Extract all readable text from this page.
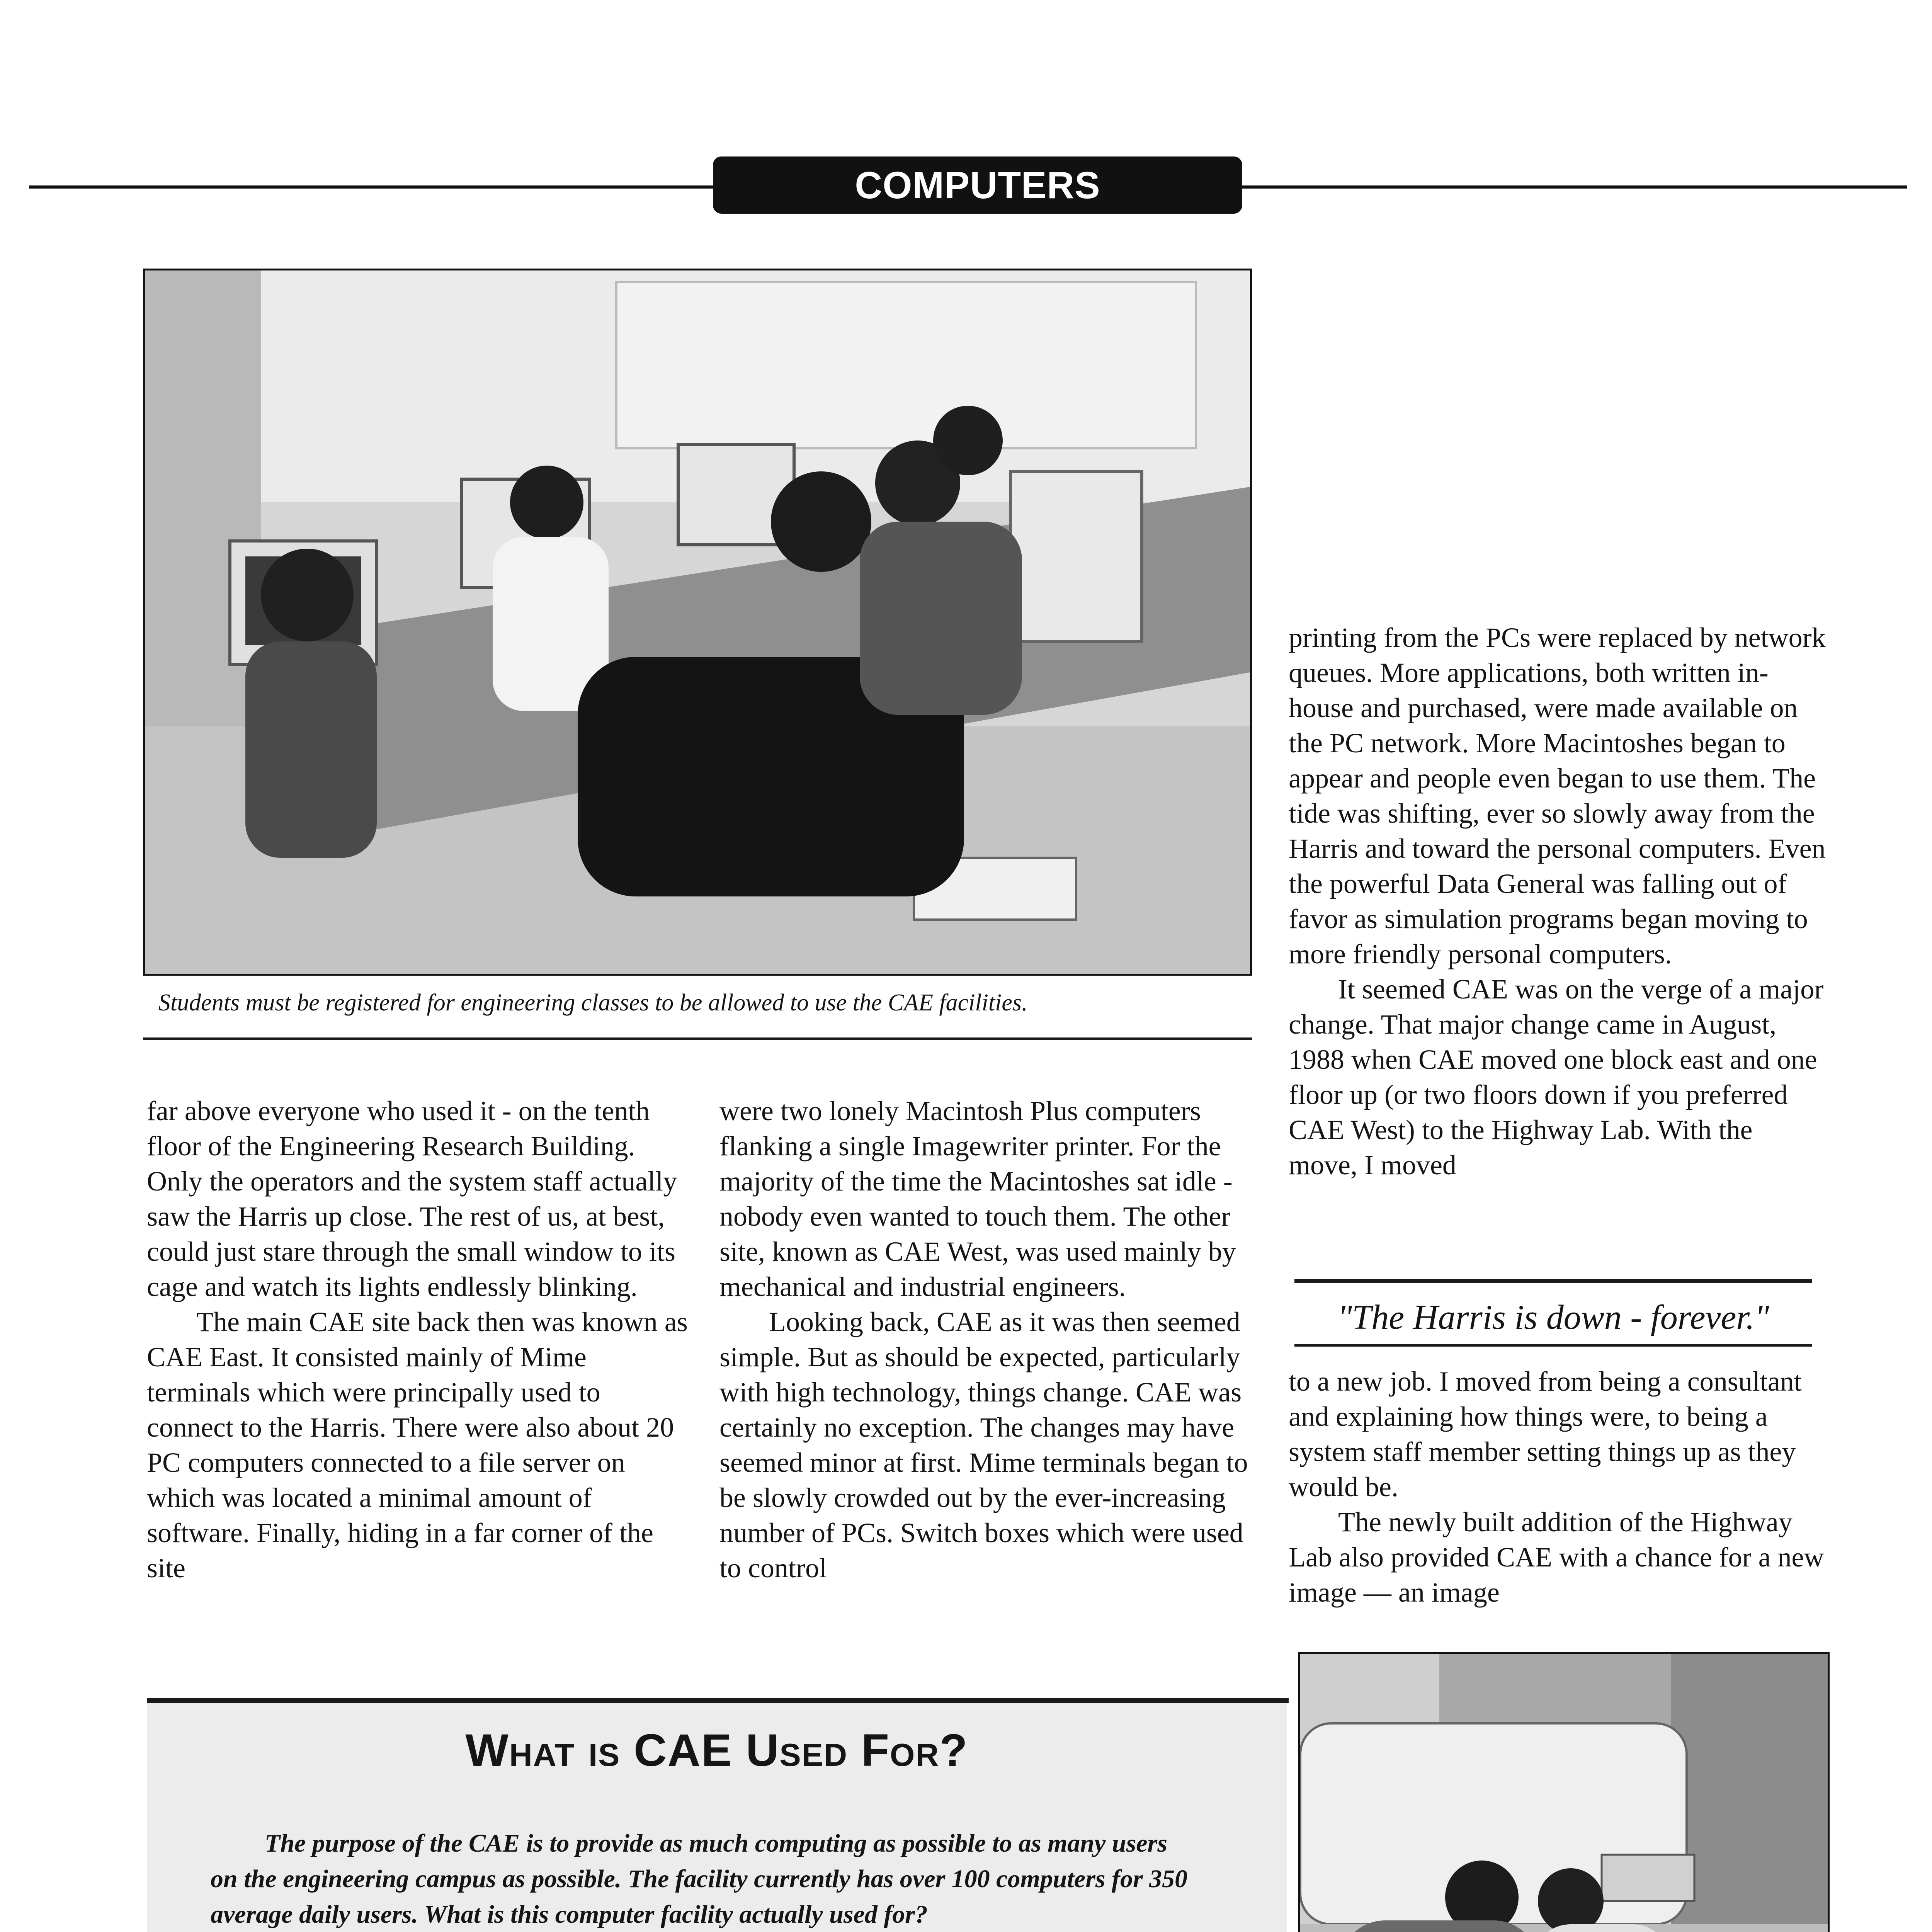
COMPUTERS
Students must be registered for engineering classes to be allowed to use the CAE facilities.

far above everyone who used it - on the tenth floor of the Engineering Research Building. Only the operators and the system staff actually saw the Harris up close. The rest of us, at best, could just stare through the small window to its cage and watch its lights endlessly blinking.

The main CAE site back then was known as CAE East. It consisted mainly of Mime terminals which were principally used to connect to the Harris. There were also about 20 PC computers connected to a file server on which was located a minimal amount of software. Finally, hiding in a far corner of the site

were two lonely Macintosh Plus computers flanking a single Imagewriter printer. For the majority of the time the Macintoshes sat idle - nobody even wanted to touch them. The other site, known as CAE West, was used mainly by mechanical and industrial engineers.

Looking back, CAE as it was then seemed simple. But as should be expected, particularly with high technology, things change. CAE was certainly no exception. The changes may have seemed minor at first. Mime terminals began to be slowly crowded out by the ever-increasing number of PCs. Switch boxes which were used to control

printing from the PCs were replaced by network queues. More applications, both written in-house and purchased, were made available on the PC network. More Macintoshes began to appear and people even began to use them. The tide was shifting, ever so slowly away from the Harris and toward the personal computers. Even the powerful Data General was falling out of favor as simulation programs began moving to more friendly personal computers.

It seemed CAE was on the verge of a major change. That major change came in August, 1988 when CAE moved one block east and one floor up (or two floors down if you preferred CAE West) to the Highway Lab. With the move, I moved

"The Harris is down - forever."

to a new job. I moved from being a consultant and explaining how things were, to being a system staff member setting things up as they would be.

The newly built addition of the Highway Lab also provided CAE with a chance for a new image — an image

What is CAE Used For?

The purpose of the CAE is to provide as much computing as possible to as many users on the engineering campus as possible. The facility currently has over 100 computers for 350 average daily users. What is this computer facility actually used for?
